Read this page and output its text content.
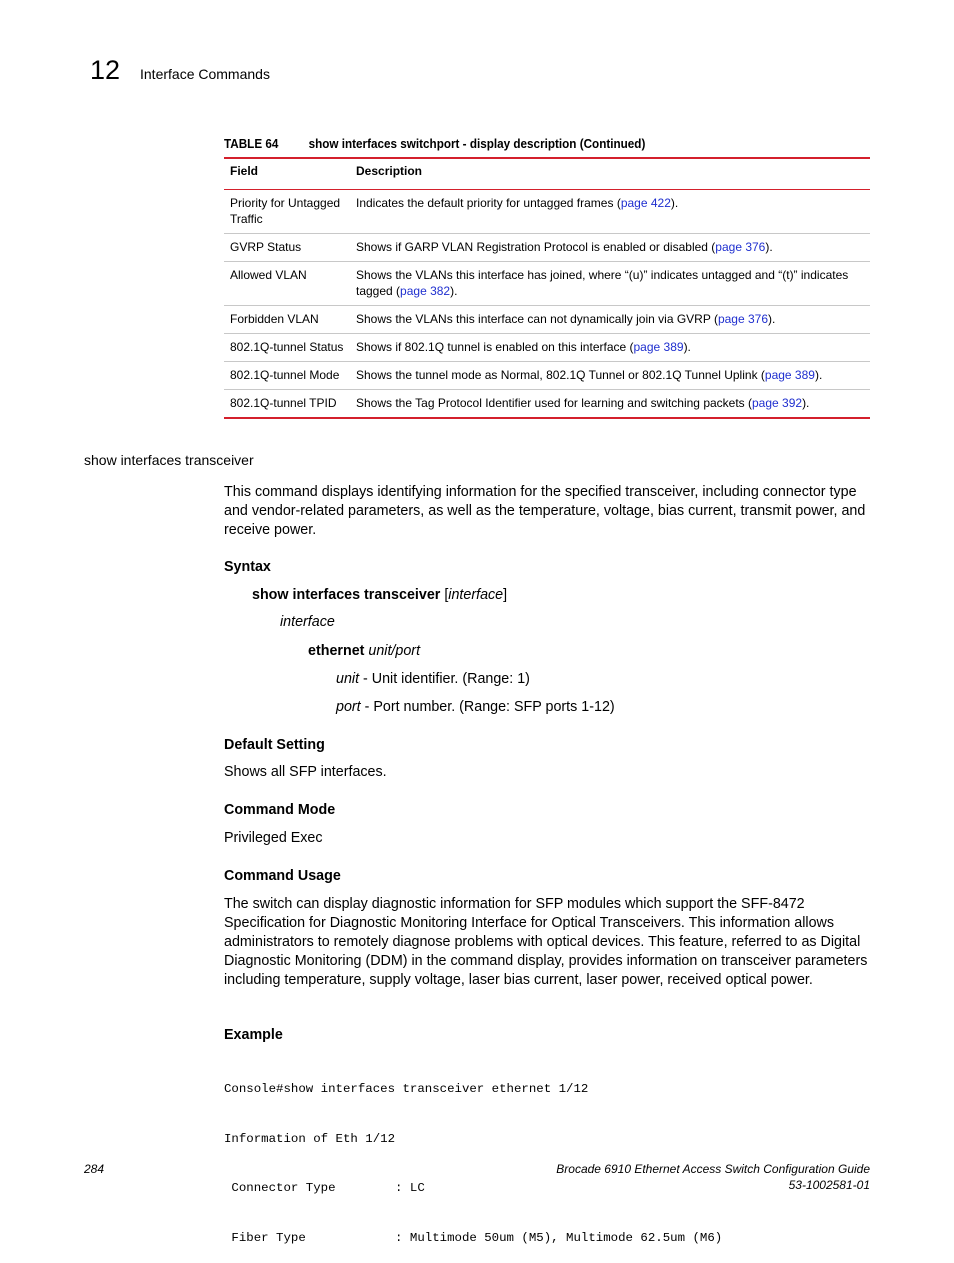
12 Interface Commands
TABLE 64 show interfaces switchport - display description (Continued)
Field	Description
Priority for Untagged Traffic	Indicates the default priority for untagged frames (page 422).
GVRP Status	Shows if GARP VLAN Registration Protocol is enabled or disabled (page 376).
Allowed VLAN	Shows the VLANs this interface has joined, where “(u)” indicates untagged and “(t)” indicates tagged (page 382).
Forbidden VLAN	Shows the VLANs this interface can not dynamically join via GVRP (page 376).
802.1Q-tunnel Status	Shows if 802.1Q tunnel is enabled on this interface (page 389).
802.1Q-tunnel Mode	Shows the tunnel mode as Normal, 802.1Q Tunnel or 802.1Q Tunnel Uplink (page 389).
802.1Q-tunnel TPID	Shows the Tag Protocol Identifier used for learning and switching packets (page 392).
show interfaces transceiver
This command displays identifying information for the specified transceiver, including connector type and vendor-related parameters, as well as the temperature, voltage, bias current, transmit power, and receive power.
Syntax
show interfaces transceiver [interface]
interface
ethernet unit/port
unit - Unit identifier. (Range: 1)
port - Port number. (Range: SFP ports 1-12)
Default Setting
Shows all SFP interfaces.
Command Mode
Privileged Exec
Command Usage
The switch can display diagnostic information for SFP modules which support the SFF-8472 Specification for Diagnostic Monitoring Interface for Optical Transceivers. This information allows administrators to remotely diagnose problems with optical devices. This feature, referred to as Digital Diagnostic Monitoring (DDM) in the command display, provides information on transceiver parameters including temperature, supply voltage, laser bias current, laser power, received optical power.
Example

Console#show interfaces transceiver ethernet 1/12

Information of Eth 1/12

Connector Type        : LC

Fiber Type            : Multimode 50um (M5), Multimode 62.5um (M6)

284	Brocade 6910 Ethernet Access Switch Configuration Guide
53-1002581-01
